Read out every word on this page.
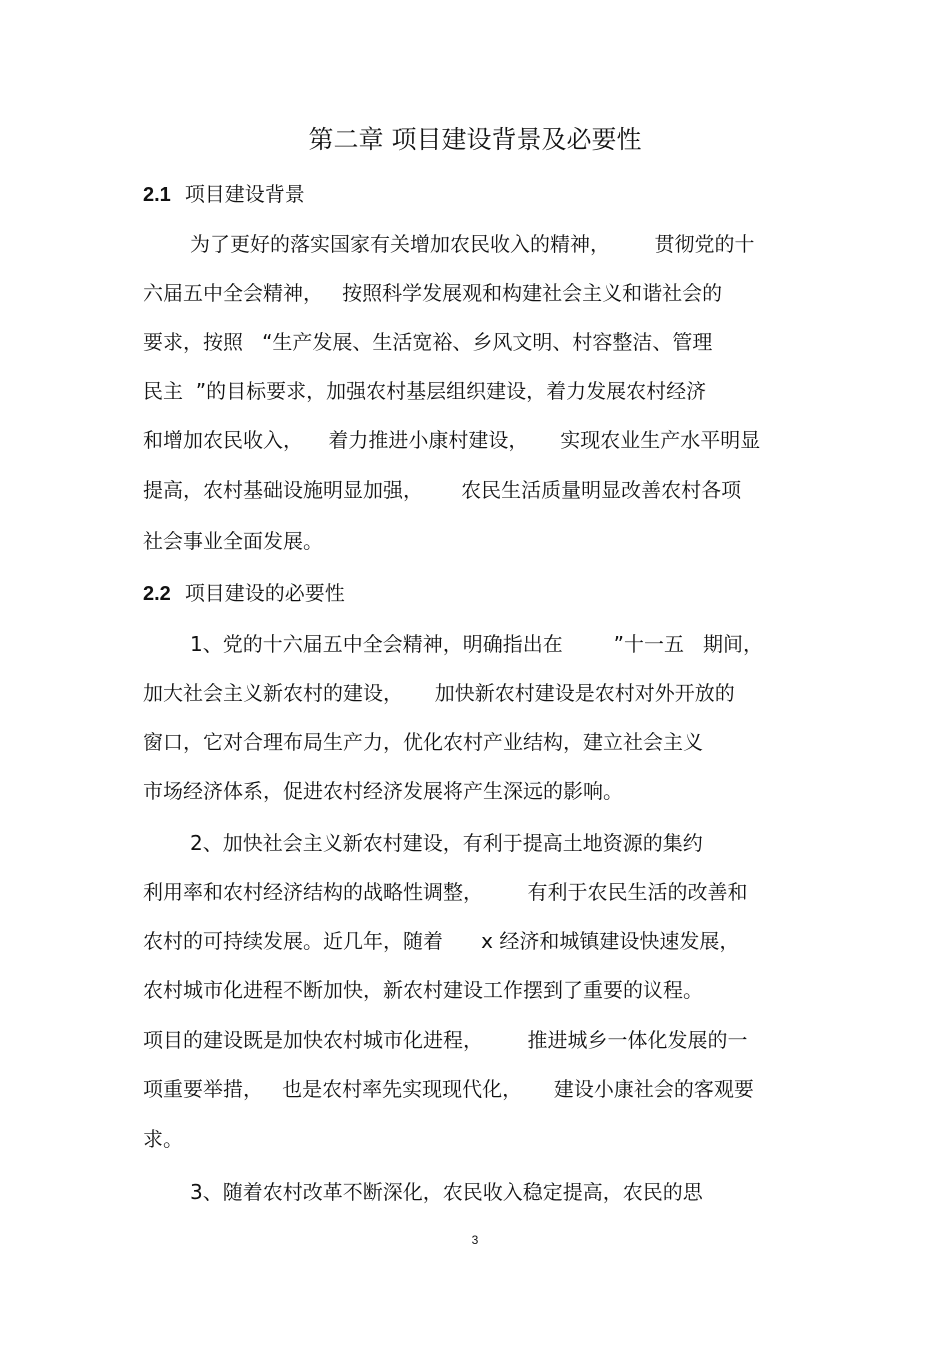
第二章 项目建设背景及必要性
2.1 项目建设背景
为了更好的落实国家有关增加农民收入的精神，       贯彻党的十
六届五中全会精神，   按照科学发展观和构建社会主义和谐社会的
要求，按照   “生产发展、生活宽裕、乡风文明、村容整洁、管理
民主  ”的目标要求，加强农村基层组织建设，着力发展农村经济
和增加农民收入，    着力推进小康村建设，     实现农业生产水平明显
提高，农村基础设施明显加强，      农民生活质量明显改善农村各项
社会事业全面发展。
2.2 项目建设的必要性
1、党的十六届五中全会精神，明确指出在        ”十一五   期间，
加大社会主义新农村的建设，     加快新农村建设是农村对外开放的
窗口，它对合理布局生产力，优化农村产业结构，建立社会主义
市场经济体系，促进农村经济发展将产生深远的影响。
2、加快社会主义新农村建设，有利于提高土地资源的集约
利用率和农村经济结构的战略性调整，       有利于农民生活的改善和
农村的可持续发展。近几年，随着      x 经济和城镇建设快速发展，
农村城市化进程不断加快，新农村建设工作摆到了重要的议程。
项目的建设既是加快农村城市化进程，       推进城乡一体化发展的一
项重要举措，   也是农村率先实现现代化，     建设小康社会的客观要
求。
3、随着农村改革不断深化，农民收入稳定提高，农民的思
3
